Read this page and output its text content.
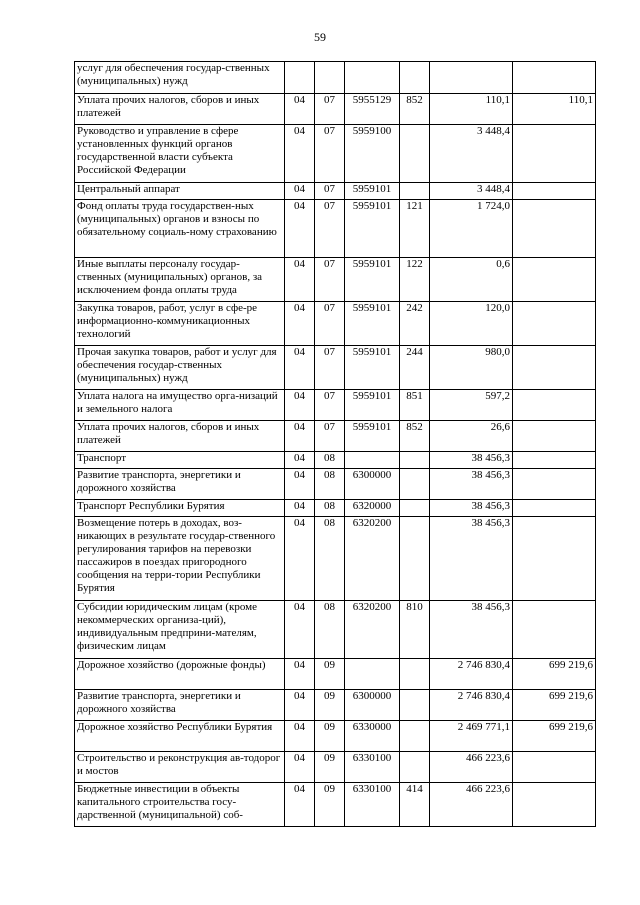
59
услуг для обеспечения государ-ственных (муниципальных) нужд						
Уплата прочих налогов, сборов и иных платежей	04	07	5955129	852	110,1	110,1
Руководство и управление в сфере установленных функций органов государственной власти субъекта Российской Федерации	04	07	5959100		3 448,4	
Центральный аппарат	04	07	5959101		3 448,4	
Фонд оплаты труда государствен-ных (муниципальных) органов и взносы по обязательному социаль-ному страхованию	04	07	5959101	121	1 724,0	
Иные выплаты персоналу государ-ственных (муниципальных) органов, за исключением фонда оплаты труда	04	07	5959101	122	0,6	
Закупка товаров, работ, услуг в сфе-ре информационно-коммуникационных технологий	04	07	5959101	242	120,0	
Прочая закупка товаров, работ и услуг для обеспечения государ-ственных (муниципальных) нужд	04	07	5959101	244	980,0	
Уплата налога на имущество орга-низаций и земельного налога	04	07	5959101	851	597,2	
Уплата прочих налогов, сборов и иных платежей	04	07	5959101	852	26,6	
Транспорт	04	08			38 456,3	
Развитие транспорта, энергетики и дорожного хозяйства	04	08	6300000		38 456,3	
Транспорт Республики Бурятия	04	08	6320000		38 456,3	
Возмещение потерь в доходах, воз-никающих в результате государ-ственного регулирования тарифов на перевозки пассажиров в поездах пригородного сообщения на терри-тории Республики Бурятия	04	08	6320200		38 456,3	
Субсидии юридическим лицам (кроме некоммерческих организа-ций), индивидуальным предприни-мателям, физическим лицам	04	08	6320200	810	38 456,3	
Дорожное хозяйство (дорожные фонды)	04	09			2 746 830,4	699 219,6
Развитие транспорта, энергетики и дорожного хозяйства	04	09	6300000		2 746 830,4	699 219,6
Дорожное хозяйство Республики Бурятия	04	09	6330000		2 469 771,1	699 219,6
Строительство и реконструкция ав-тодорог и мостов	04	09	6330100		466 223,6	
Бюджетные инвестиции в объекты капитального строительства госу-дарственной (муниципальной) соб-	04	09	6330100	414	466 223,6	
